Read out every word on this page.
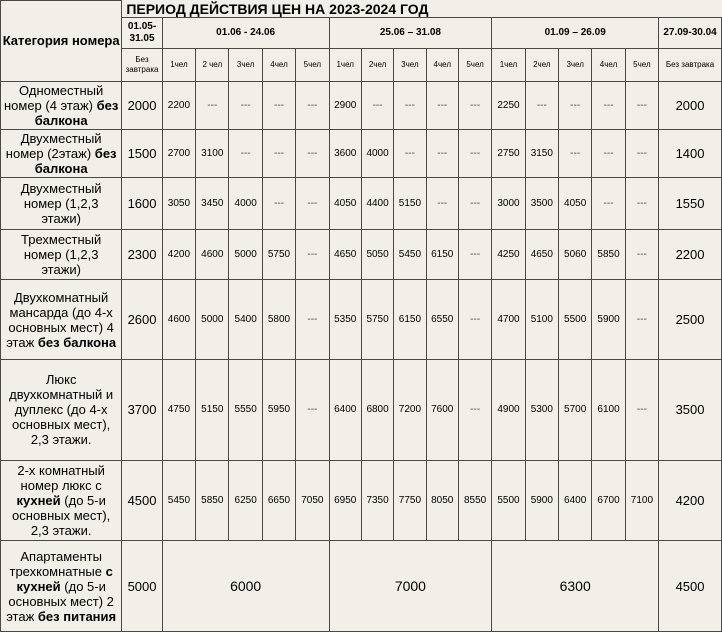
Категория номера	ПЕРИОД ДЕЙСТВИЯ ЦЕН НА 2023-2024 ГОД																
	01.05-31.05	01.06 - 24.06					25.06 – 31.08					01.09 – 26.09					27.09-30.04
	Без завтрака	1чел	2 чел	3чел	4чел	5чел	1чел	2чел	3чел	4чел	5чел	1чел	2чел	3чел	4чел	5чел	Без завтрака
Одноместный номер (4 этаж) без балкона	2000	2200	---	---	---	---	2900	---	---	---	---	2250	---	---	---	---	2000
Двухместный номер (2этаж) без балкона	1500	2700	3100	---	---	---	3600	4000	---	---	---	2750	3150	---	---	---	1400
Двухместный номер (1,2,3 этажи)	1600	3050	3450	4000	---	---	4050	4400	5150	---	---	3000	3500	4050	---	---	1550
Трехместный номер (1,2,3 этажи)	2300	4200	4600	5000	5750	---	4650	5050	5450	6150	---	4250	4650	5060	5850	---	2200
Двухкомнатный мансарда (до 4-х основных мест) 4 этаж без балкона	2600	4600	5000	5400	5800	---	5350	5750	6150	6550	---	4700	5100	5500	5900	---	2500
Люкс двухкомнатный и дуплекс (до 4-х основных мест), 2,3 этажи.	3700	4750	5150	5550	5950	---	6400	6800	7200	7600	---	4900	5300	5700	6100	---	3500
2-х комнатный номер люкс с кухней (до 5-и основных мест), 2,3 этажи.	4500	5450	5850	6250	6650	7050	6950	7350	7750	8050	8550	5500	5900	6400	6700	7100	4200
Апартаменты трехкомнатные с кухней (до 5-и основных мест) 2 этаж без питания	5000	6000					7000					6300					4500
